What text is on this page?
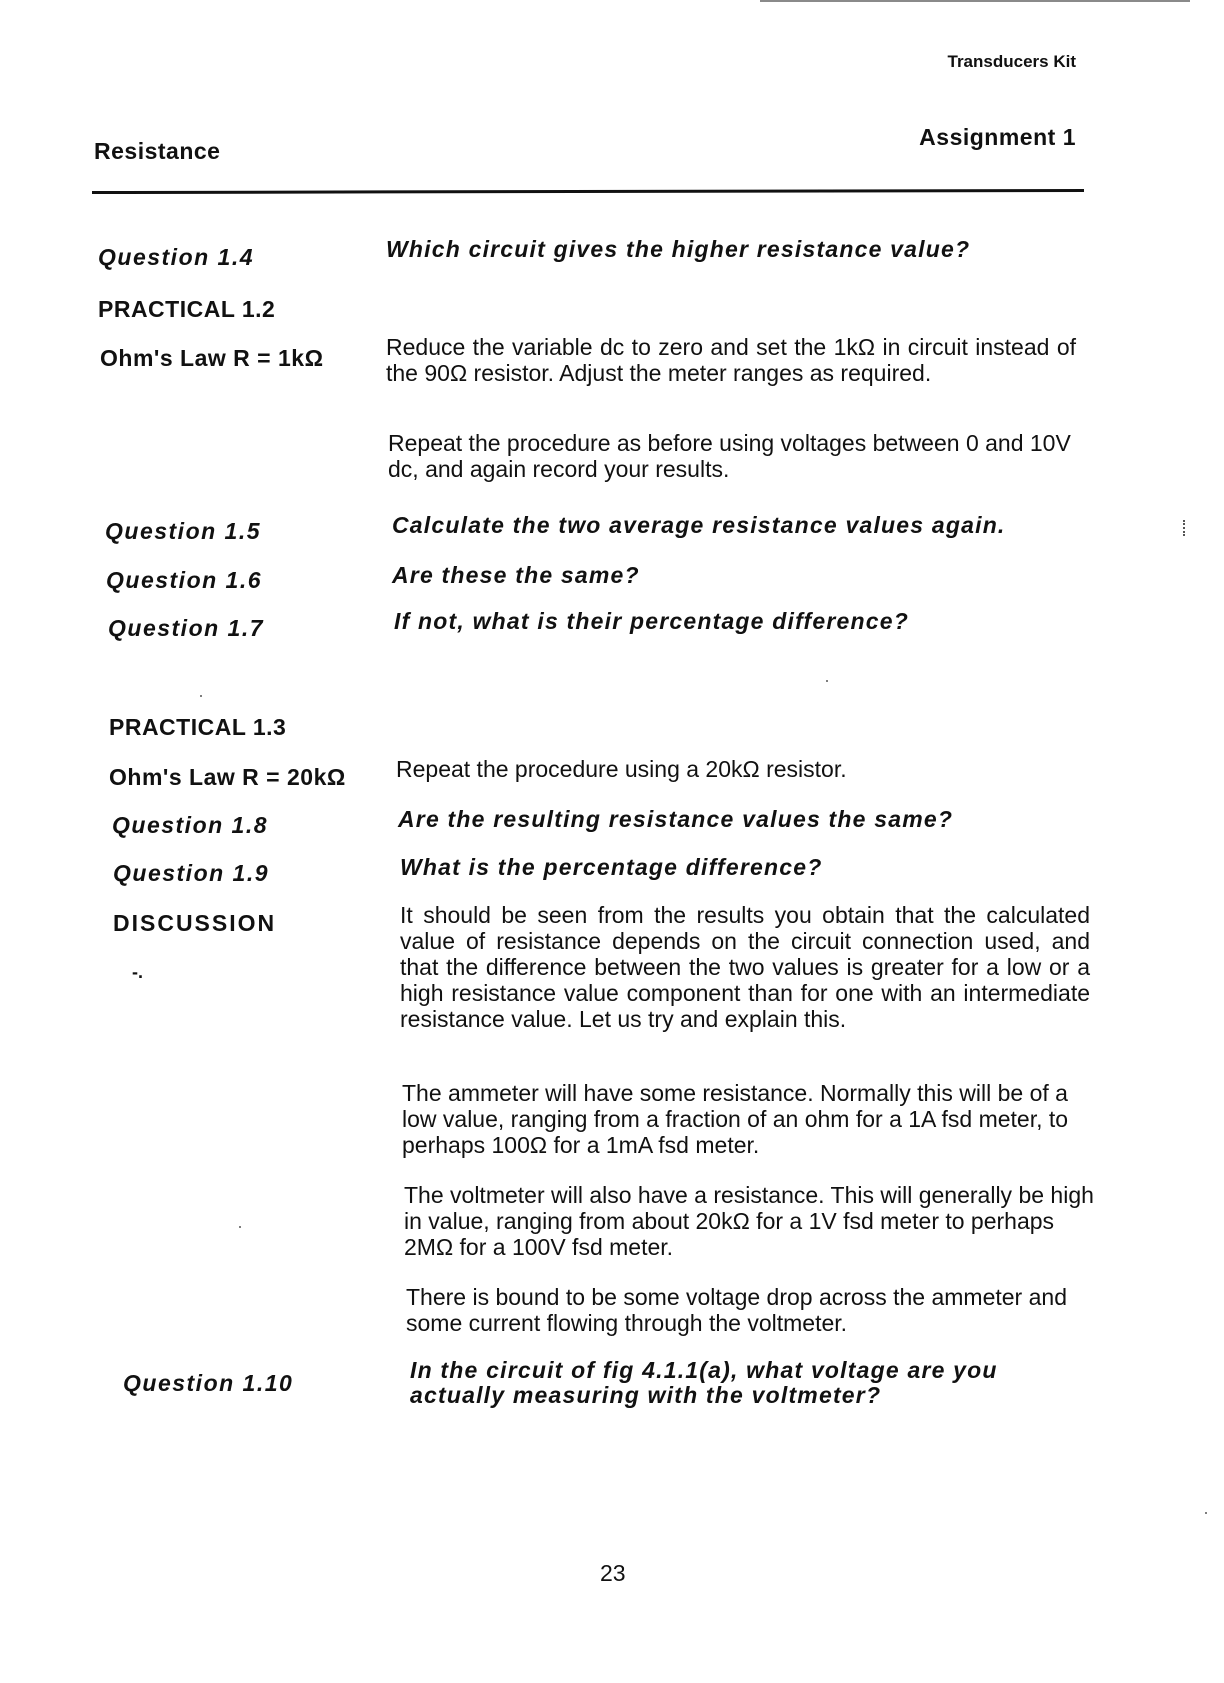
Transducers Kit
Resistance
Assignment 1
Question 1.4	Which circuit gives the higher resistance value?
PRACTICAL 1.2
Ohm's Law R = 1kΩ	Reduce the variable dc to zero and set the 1kΩ in circuit instead of the 90Ω resistor. Adjust the meter ranges as required.
Repeat the procedure as before using voltages between 0 and 10V dc, and again record your results.
Question 1.5	Calculate the two average resistance values again.
Question 1.6	Are these the same?
Question 1.7	If not, what is their percentage difference?
PRACTICAL 1.3
Ohm's Law R = 20kΩ Repeat the procedure using a 20kΩ resistor.
Question 1.8	Are the resulting resistance values the same?
Question 1.9	What is the percentage difference?
DISCUSSION
-.
It should be seen from the results you obtain that the calculated value of resistance depends on the circuit connection used, and that the difference between the two values is greater for a low or a high resistance value component than for one with an intermediate resistance value. Let us try and explain this.
The ammeter will have some resistance. Normally this will be of a low value, ranging from a fraction of an ohm for a 1A fsd meter, to perhaps 100Ω for a 1mA fsd meter.
The voltmeter will also have a resistance. This will generally be high in value, ranging from about 20kΩ for a 1V fsd meter to perhaps 2MΩ for a 100V fsd meter.
There is bound to be some voltage drop across the ammeter and some current flowing through the voltmeter.
Question 1.10	In the circuit of fig 4.1.1(a), what voltage are you actually measuring with the voltmeter?
23
